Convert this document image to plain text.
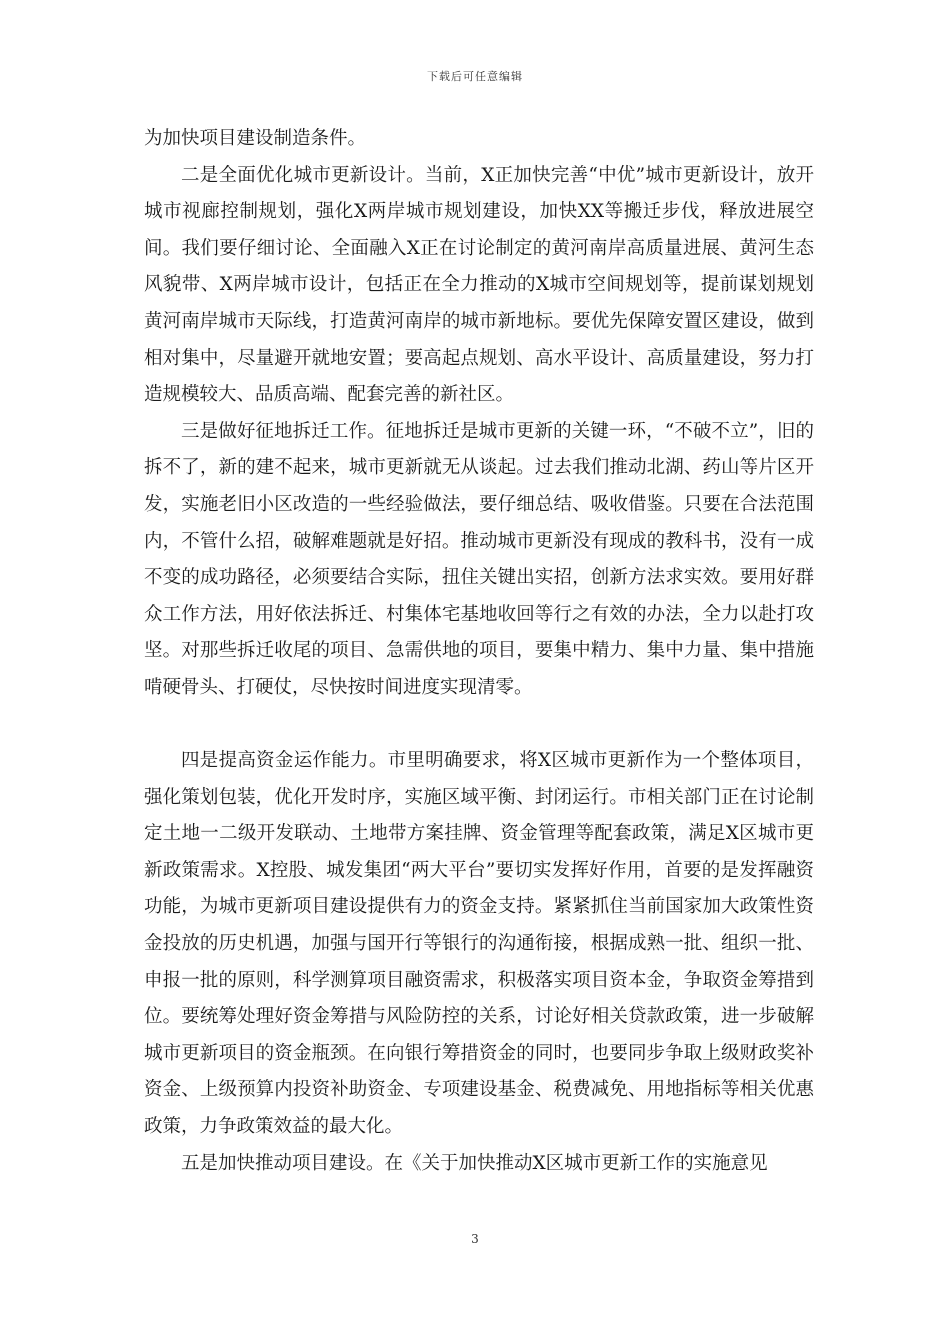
下载后可任意编辑

为加快项目建设制造条件。

二是全面优化城市更新设计。当前，X正加快完善“中优”城市更新设计，放开城市视廊控制规划，强化X两岸城市规划建设，加快XX等搬迁步伐，释放进展空间。我们要仔细讨论、全面融入X正在讨论制定的黄河南岸高质量进展、黄河生态风貌带、X两岸城市设计，包括正在全力推动的X城市空间规划等，提前谋划规划黄河南岸城市天际线，打造黄河南岸的城市新地标。要优先保障安置区建设，做到相对集中，尽量避开就地安置；要高起点规划、高水平设计、高质量建设，努力打造规模较大、品质高端、配套完善的新社区。

三是做好征地拆迁工作。征地拆迁是城市更新的关键一环，“不破不立”，旧的拆不了，新的建不起来，城市更新就无从谈起。过去我们推动北湖、药山等片区开发，实施老旧小区改造的一些经验做法，要仔细总结、吸收借鉴。只要在合法范围内，不管什么招，破解难题就是好招。推动城市更新没有现成的教科书，没有一成不变的成功路径，必须要结合实际，扭住关键出实招，创新方法求实效。要用好群众工作方法，用好依法拆迁、村集体宅基地收回等行之有效的办法，全力以赴打攻坚。对那些拆迁收尾的项目、急需供地的项目，要集中精力、集中力量、集中措施啃硬骨头、打硬仗，尽快按时间进度实现清零。

四是提高资金运作能力。市里明确要求，将X区城市更新作为一个整体项目，强化策划包装，优化开发时序，实施区域平衡、封闭运行。市相关部门正在讨论制定土地一二级开发联动、土地带方案挂牌、资金管理等配套政策，满足X区城市更新政策需求。X控股、城发集团“两大平台”要切实发挥好作用，首要的是发挥融资功能，为城市更新项目建设提供有力的资金支持。紧紧抓住当前国家加大政策性资金投放的历史机遇，加强与国开行等银行的沟通衔接，根据成熟一批、组织一批、申报一批的原则，科学测算项目融资需求，积极落实项目资本金，争取资金筹措到位。要统筹处理好资金筹措与风险防控的关系，讨论好相关贷款政策，进一步破解城市更新项目的资金瓶颈。在向银行筹措资金的同时，也要同步争取上级财政奖补资金、上级预算内投资补助资金、专项建设基金、税费减免、用地指标等相关优惠政策，力争政策效益的最大化。

五是加快推动项目建设。在《关于加快推动X区城市更新工作的实施意见

3
